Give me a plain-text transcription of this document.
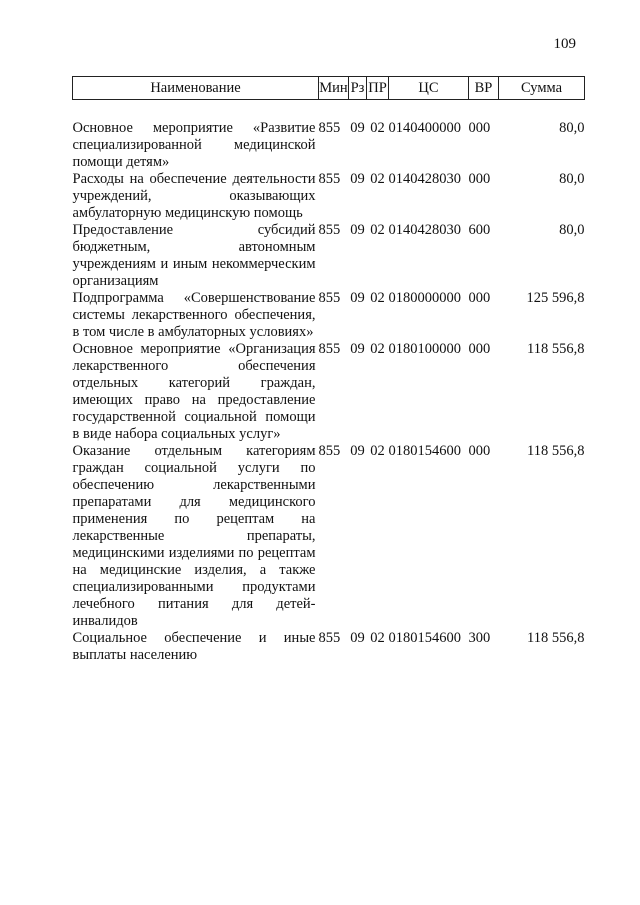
109
Наименование	Мин	Рз	ПР	ЦС	ВР	Сумма

Основное мероприятие «Развитие специализированной медицинской помощи детям»	855	09	02	0140400000	000	80,0
Расходы на обеспечение деятельности учреждений, оказывающих амбулаторную медицинскую помощь	855	09	02	0140428030	000	80,0
Предоставление субсидий бюджетным, автономным учреждениям и иным некоммерческим организациям	855	09	02	0140428030	600	80,0
Подпрограмма «Совершенствование системы лекарственного обеспечения, в том числе в амбулаторных условиях»	855	09	02	0180000000	000	125 596,8
Основное мероприятие «Организация лекарственного обеспечения отдельных категорий граждан, имеющих право на предоставление государственной социальной помощи в виде набора социальных услуг»	855	09	02	0180100000	000	118 556,8
Оказание отдельным категориям граждан социальной услуги по обеспечению лекарственными препаратами для медицинского применения по рецептам на лекарственные препараты, медицинскими изделиями по рецептам на медицинские изделия, а также специализированными продуктами лечебного питания для детей-инвалидов	855	09	02	0180154600	000	118 556,8
Социальное обеспечение и иные выплаты населению	855	09	02	0180154600	300	118 556,8
